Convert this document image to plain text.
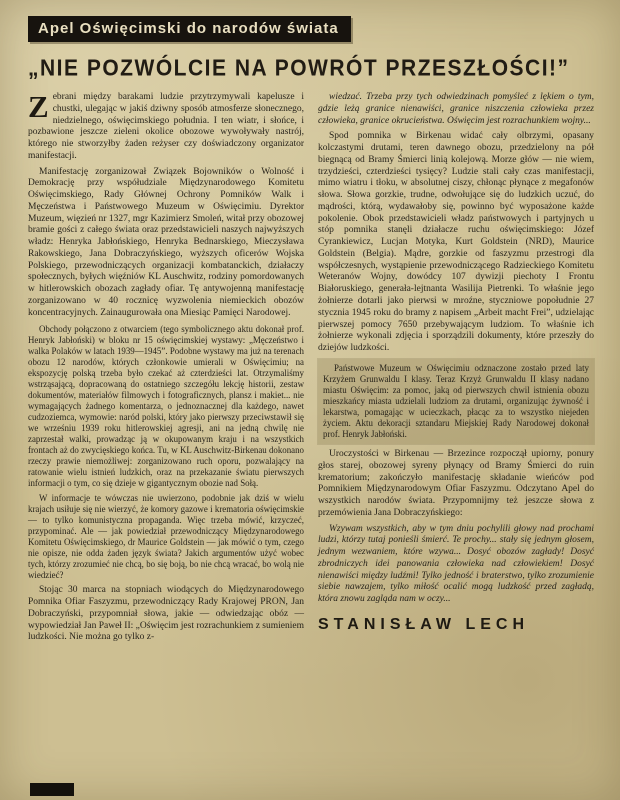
Apel Oświęcimski do narodów świata
„NIE POZWÓLCIE NA POWRÓT PRZESZŁOŚCI!”

Zebrani między barakami ludzie przytrzymywali kapelusze i chustki, ulegając w jakiś dziwny sposób atmosferze słonecznego, niedzielnego, oświęcimskiego południa. I ten wiatr, i słońce, i pozbawione jeszcze zieleni okolice obozowe wywoływały nastrój, którego nie stworzyłby żaden reżyser czy doświadczony organizator manifestacji.

Manifestację zorganizował Związek Bojowników o Wolność i Demokrację przy współudziale Międzynarodowego Komitetu Oświęcimskiego, Rady Głównej Ochrony Pomników Walk i Męczeństwa i Państwowego Muzeum w Oświęcimiu. Dyrektor Muzeum, więzień nr 1327, mgr Kazimierz Smoleń, witał przy obozowej bramie gości z całego świata oraz przedstawicieli naszych najwyższych władz: Henryka Jabłońskiego, Henryka Bednarskiego, Mieczysława Rakowskiego, Jana Dobraczyńskiego, wyższych oficerów Wojska Polskiego, przewodniczących organizacji kombatanckich, działaczy społecznych, byłych więźniów KL Auschwitz, rodziny pomordowanych w hitlerowskich obozach zagłady ofiar. Tę antywojenną manifestację zorganizowano w 40 rocznicę wyzwolenia niemieckich obozów koncentracyjnych. Zainaugurowała ona Miesiąc Pamięci Narodowej.

Obchody połączono z otwarciem (tego symbolicznego aktu dokonał prof. Henryk Jabłoński) w bloku nr 15 oświęcimskiej wystawy: „Męczeństwo i walka Polaków w latach 1939—1945”. Podobne wystawy ma już na terenach obozu 12 narodów, których członkowie umierali w Oświęcimiu; na ekspozycję polską trzeba było czekać aż czterdzieści lat. Otrzymaliśmy wstrząsającą, dopracowaną do ostatniego szczegółu lekcję historii, zestaw dokumentów, materiałów filmowych i fotograficznych, plansz i makiet... nie wymagających żadnego komentarza, o jednoznacznej dla każdego, nawet cudzoziemca, wymowie: naród polski, który jako pierwszy przeciwstawił się we wrześniu 1939 roku hitlerowskiej agresji, ani na jedną chwilę nie zaprzestał walki, prowadząc ją w okupowanym kraju i na wszystkich frontach aż do zwycięskiego końca. Tu, w KL Auschwitz-Birkenau dokonano rzeczy prawie niemożliwej: zorganizowano ruch oporu, pozwalający na ratowanie wielu istnień ludzkich, oraz na przekazanie światu pierwszych informacji o tym, co się dzieje w gigantycznym obozie nad Sołą.

W informacje te wówczas nie uwierzono, podobnie jak dziś w wielu krajach usiłuje się nie wierzyć, że komory gazowe i krematoria oświęcimskie — to tylko komunistyczna propaganda. Więc trzeba mówić, krzyczeć, przypominać. Ale — jak powiedział przewodniczący Międzynarodowego Komitetu Oświęcimskiego, dr Maurice Goldstein — jak mówić o tym, czego nie opisze, nie odda żaden język świata? Jakich argumentów użyć wobec tych, którzy zrozumieć nie chcą, bo się boją, bo nie chcą wracać, bo wolą nie wiedzieć?

Stojąc 30 marca na stopniach wiodących do Międzynarodowego Pomnika Ofiar Faszyzmu, przewodniczący Rady Krajowej PRON, Jan Dobraczyński, przypomniał słowa, jakie — odwiedzając obóz — wypowiedział Jan Paweł II: „Oświęcim jest rozrachunkiem z sumieniem ludzkości. Nie można go tylko z-

wiedzać. Trzeba przy tych odwiedzinach pomyśleć z lękiem o tym, gdzie leżą granice nienawiści, granice niszczenia człowieka przez człowieka, granice okrucieństwa. Oświęcim jest rozrachunkiem wojny...

Spod pomnika w Birkenau widać cały olbrzymi, opasany kolczastymi drutami, teren dawnego obozu, przedzielony na pół biegnącą od Bramy Śmierci linią kolejową. Morze głów — nie wiem, trzydzieści, czterdzieści tysięcy? Ludzie stali cały czas manifestacji, mimo wiatru i tłoku, w absolutnej ciszy, chłonąc płynące z megafonów słowa. Słowa gorzkie, trudne, odwołujące się do ludzkich uczuć, do mądrości, którą, wydawałoby się, powinno być wyposażone każde pokolenie. Obok przedstawicieli władz państwowych i partyjnych u stóp pomnika stanęli działacze ruchu oświęcimskiego: Józef Cyrankiewicz, Lucjan Motyka, Kurt Goldstein (NRD), Maurice Goldstein (Belgia). Mądre, gorzkie od faszyzmu przestrogi dla współczesnych, wystąpienie przewodniczącego Radzieckiego Komitetu Weteranów Wojny, dowódcy 107 dywizji piechoty I Frontu Białoruskiego, generała-lejtnanta Wasilija Pietrenki. To właśnie jego żołnierze dotarli jako pierwsi w mroźne, styczniowe popołudnie 27 stycznia 1945 roku do bramy z napisem „Arbeit macht Frei”, udzielając pierwszej pomocy 7650 przebywającym ludziom. To właśnie ich żołnierze wykonali zdjęcia i sporządzili dokumenty, które przeszły do dziejów ludzkości.

Państwowe Muzeum w Oświęcimiu odznaczone zostało przed laty Krzyżem Grunwaldu I klasy. Teraz Krzyż Grunwaldu II klasy nadano miastu Oświęcim: za pomoc, jaką od pierwszych chwil istnienia obozu mieszkańcy miasta udzielali ludziom za drutami, organizując żywność i lekarstwa, pomagając w ucieczkach, płacąc za to wszystko niejeden życiem. Aktu dekoracji sztandaru Miejskiej Rady Narodowej dokonał prof. Henryk Jabłoński.

Uroczystości w Birkenau — Brzezince rozpoczął upiorny, ponury głos starej, obozowej syreny płynący od Bramy Śmierci do ruin krematorium; zakończyło manifestację składanie wieńców pod Pomnikiem Międzynarodowym Ofiar Faszyzmu. Odczytano Apel do wszystkich narodów świata. Przypomnijmy też jeszcze słowa z przemówienia Jana Dobraczyńskiego:

Wzywam wszystkich, aby w tym dniu pochylili głowy nad prochami ludzi, którzy tutaj ponieśli śmierć. Te prochy... stały się jednym głosem, jednym wezwaniem, które wzywa... Dosyć obozów zagłady! Dosyć zbrodniczych idei panowania człowieka nad człowiekiem! Dosyć nienawiści między ludźmi! Tylko jedność i braterstwo, tylko zrozumienie siebie nawzajem, tylko miłość ocalić mogą ludzkość przed zagładą, która znowu zagląda nam w oczy...

STANISŁAW LECH
